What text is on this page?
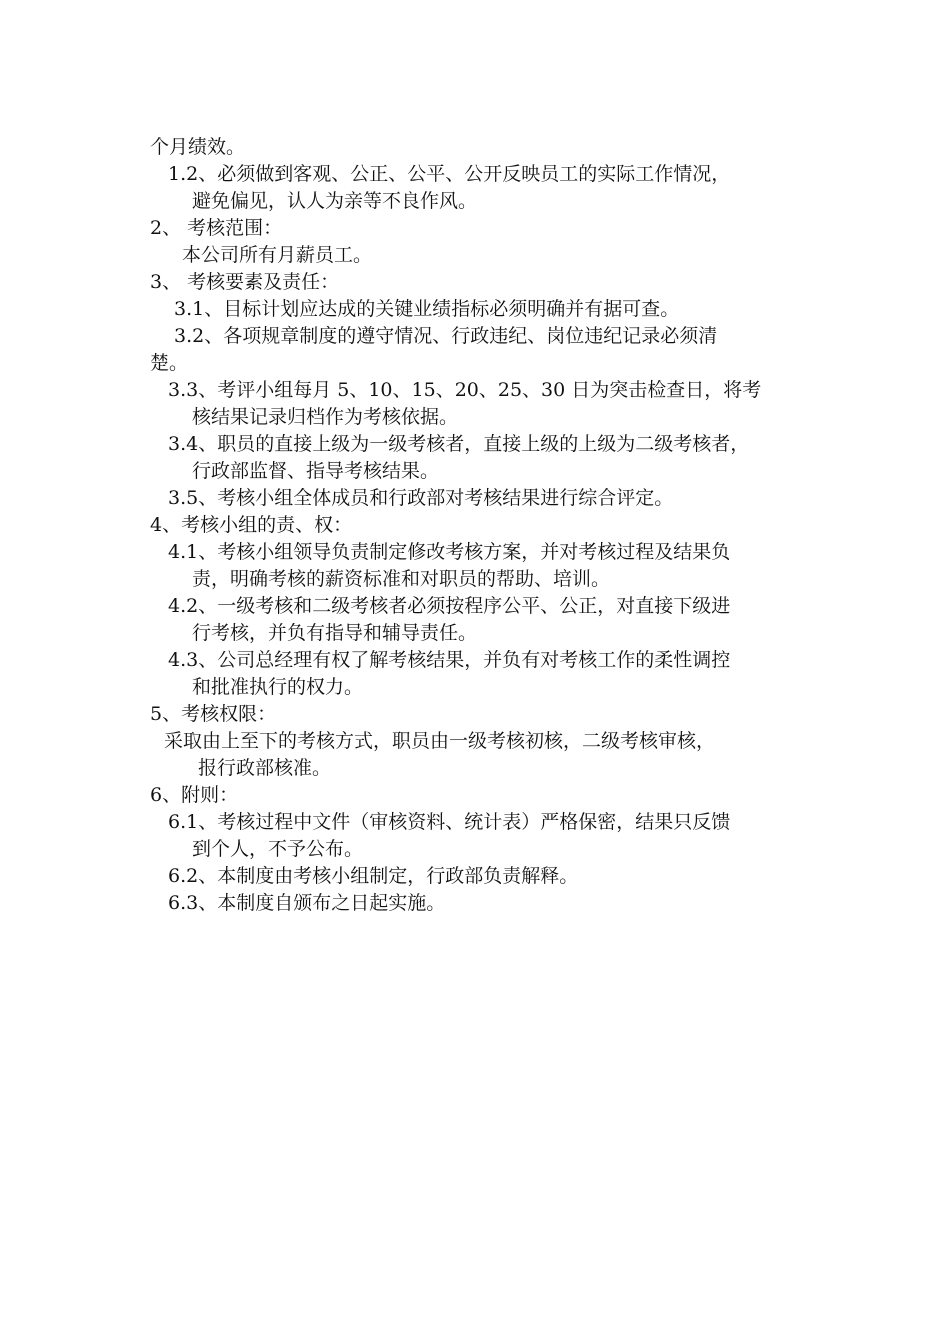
个月绩效。
1.2、必须做到客观、公正、公平、公开反映员工的实际工作情况，
避免偏见，认人为亲等不良作风。
2、 考核范围：
本公司所有月薪员工。
3、 考核要素及责任：
3.1、目标计划应达成的关键业绩指标必须明确并有据可查。
3.2、各项规章制度的遵守情况、行政违纪、岗位违纪记录必须清
楚。
3.3、考评小组每月 5、10、15、20、25、30 日为突击检查日，将考
核结果记录归档作为考核依据。
3.4、职员的直接上级为一级考核者，直接上级的上级为二级考核者，
行政部监督、指导考核结果。
3.5、考核小组全体成员和行政部对考核结果进行综合评定。
4、考核小组的责、权：
4.1、考核小组领导负责制定修改考核方案，并对考核过程及结果负
责，明确考核的薪资标准和对职员的帮助、培训。
4.2、一级考核和二级考核者必须按程序公平、公正，对直接下级进
行考核，并负有指导和辅导责任。
4.3、公司总经理有权了解考核结果，并负有对考核工作的柔性调控
和批准执行的权力。
5、考核权限：
采取由上至下的考核方式，职员由一级考核初核，二级考核审核，
报行政部核准。
6、附则：
6.1、考核过程中文件（审核资料、统计表）严格保密，结果只反馈
到个人，不予公布。
6.2、本制度由考核小组制定，行政部负责解释。
6.3、本制度自颁布之日起实施。
